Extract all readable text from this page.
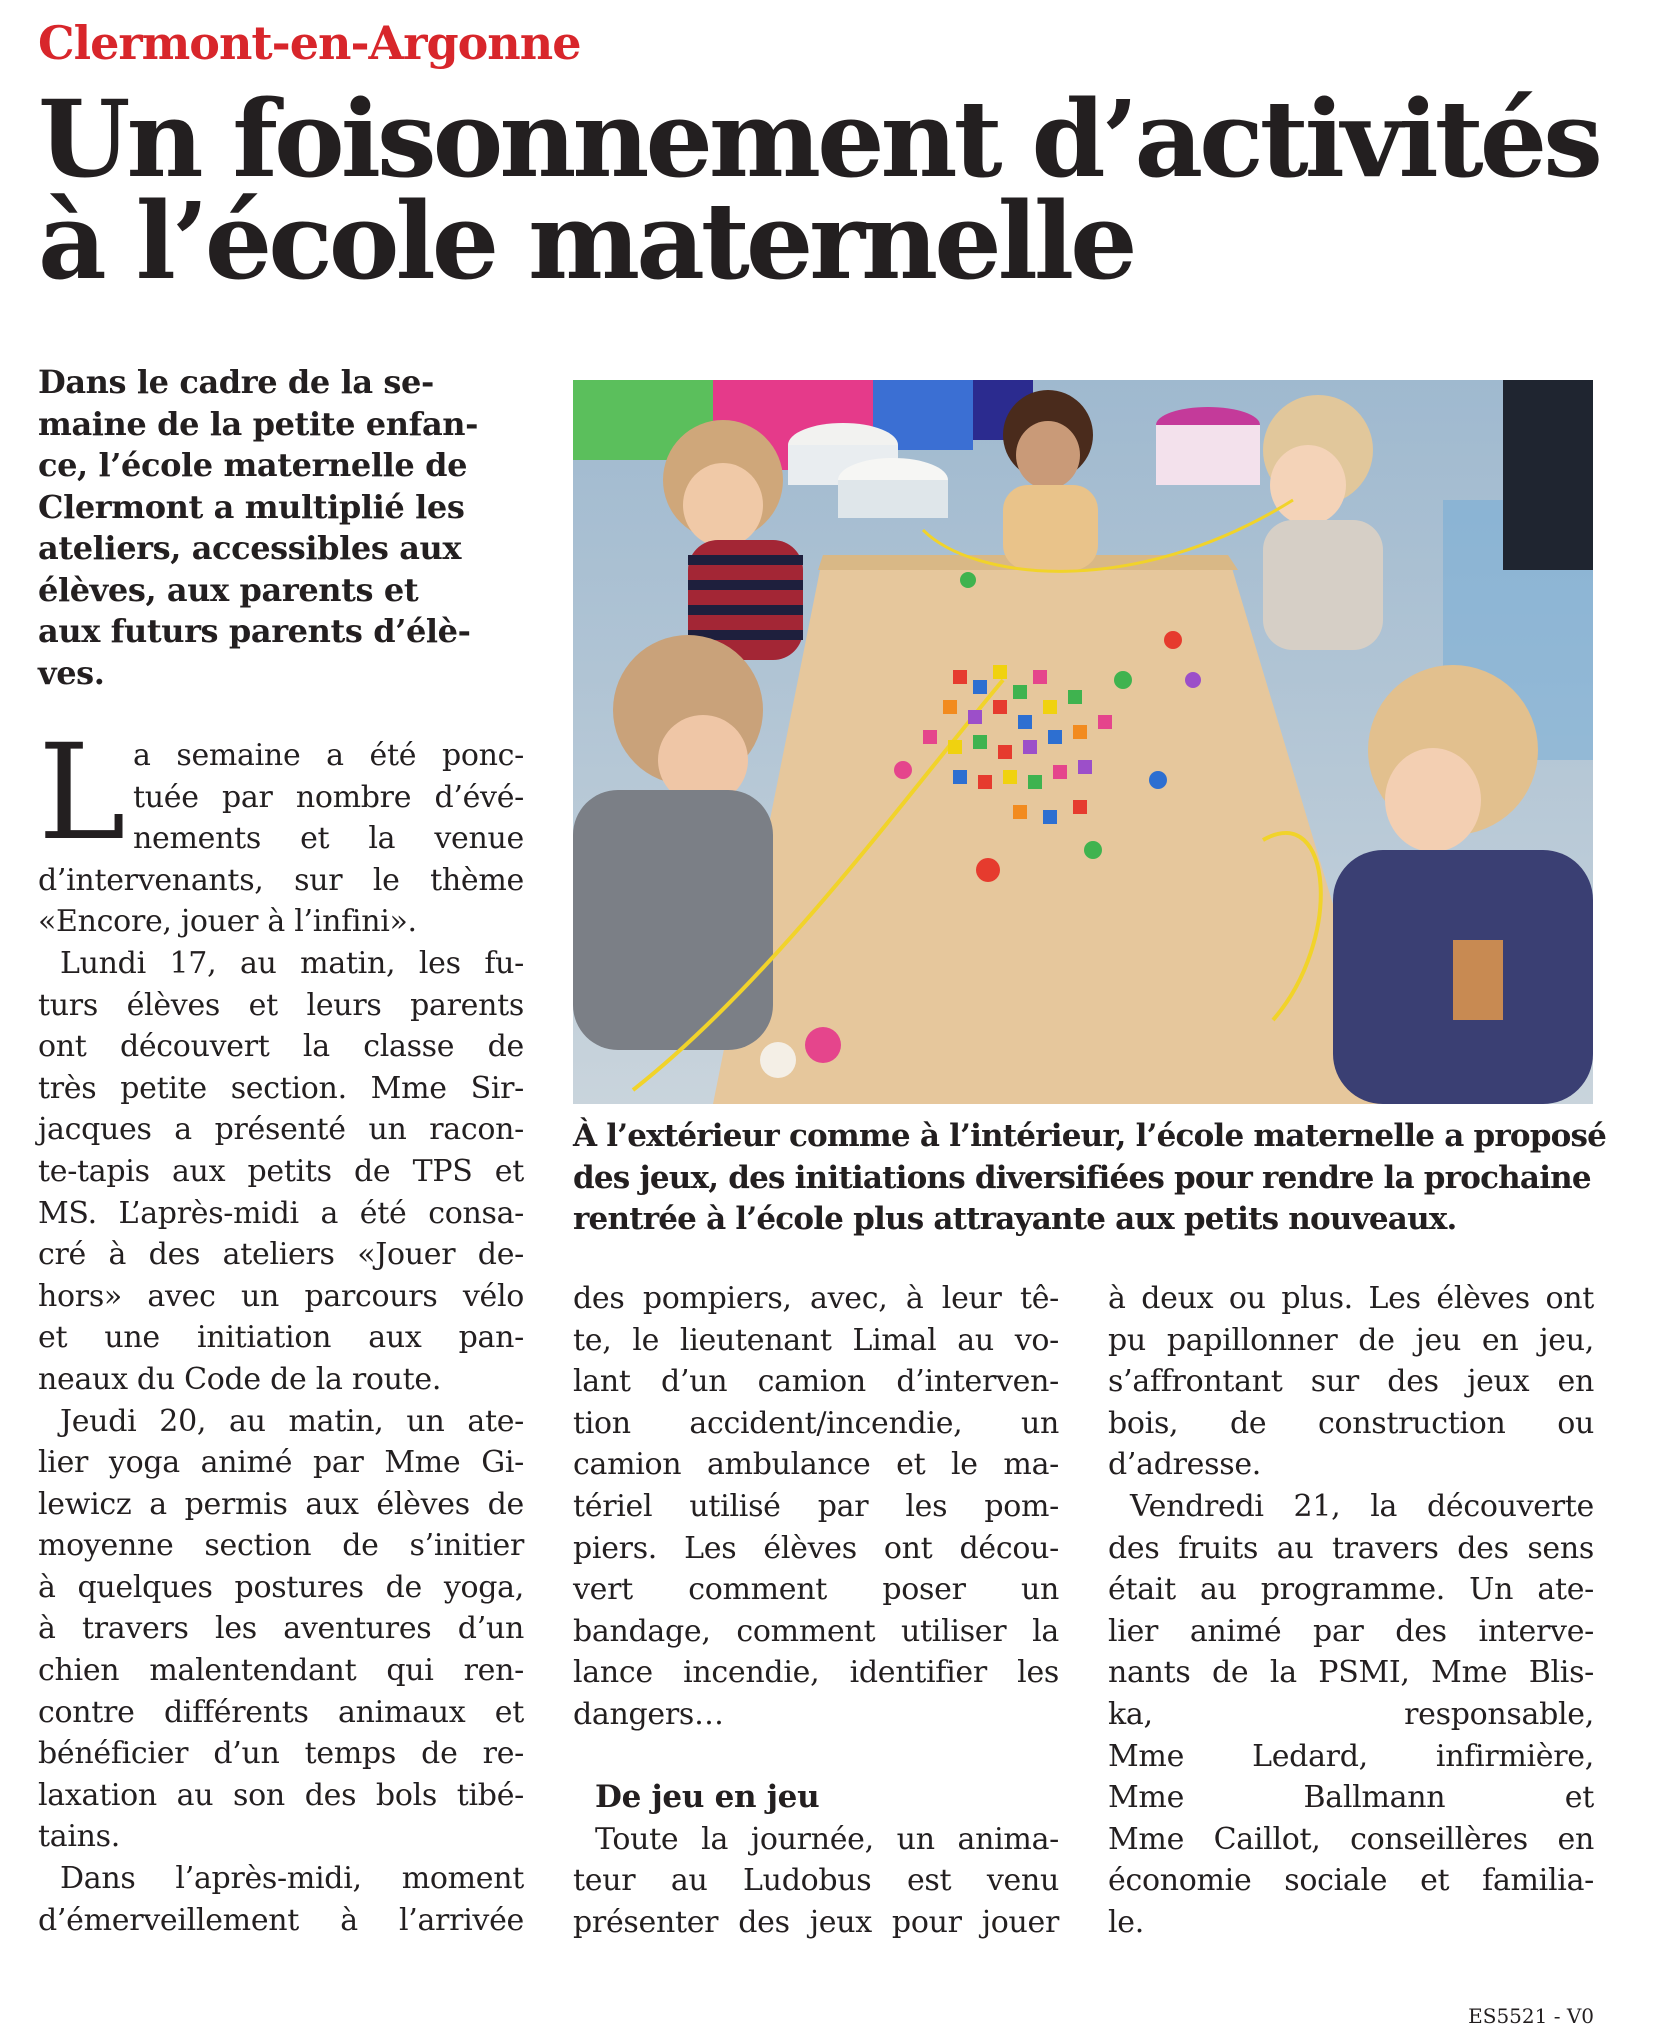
Clermont-en-Argonne
Un foisonnement d’activités
à l’école maternelle
Dans le cadre de la se-
maine de la petite enfan-
ce, l’école maternelle de
Clermont a multiplié les
ateliers, accessibles aux
élèves, aux parents et
aux futurs parents d’élè-
ves.
L a semaine a été ponc-
tuée par nombre d’évé-
nements et la venue
d’intervenants, sur le thème
«Encore, jouer à l’infini».
Lundi 17, au matin, les fu-
turs élèves et leurs parents
ont découvert la classe de
très petite section. Mme Sir-
jacques a présenté un racon-
te-tapis aux petits de TPS et
MS. L’après-midi a été consa-
cré à des ateliers «Jouer de-
hors» avec un parcours vélo
et une initiation aux pan-
neaux du Code de la route.
Jeudi 20, au matin, un ate-
lier yoga animé par Mme Gi-
lewicz a permis aux élèves de
moyenne section de s’initier
à quelques postures de yoga,
à travers les aventures d’un
chien malentendant qui ren-
contre différents animaux et
bénéficier d’un temps de re-
laxation au son des bols tibé-
tains.
Dans l’après-midi, moment
d’émerveillement à l’arrivée
À l’extérieur comme à l’intérieur, l’école maternelle a proposé
des jeux, des initiations diversifiées pour rendre la prochaine
rentrée à l’école plus attrayante aux petits nouveaux.
des pompiers, avec, à leur tê-
te, le lieutenant Limal au vo-
lant d’un camion d’interven-
tion accident/incendie, un
camion ambulance et le ma-
tériel utilisé par les pom-
piers. Les élèves ont décou-
vert comment poser un
bandage, comment utiliser la
lance incendie, identifier les
dangers…
De jeu en jeu
Toute la journée, un anima-
teur au Ludobus est venu
présenter des jeux pour jouer
à deux ou plus. Les élèves ont
pu papillonner de jeu en jeu,
s’affrontant sur des jeux en
bois, de construction ou
d’adresse.
Vendredi 21, la découverte
des fruits au travers des sens
était au programme. Un ate-
lier animé par des interve-
nants de la PSMI, Mme Blis-
ka, responsable,
Mme Ledard, infirmière,
Mme Ballmann et
Mme Caillot, conseillères en
économie sociale et familia-
le.
ES5521 - V0
